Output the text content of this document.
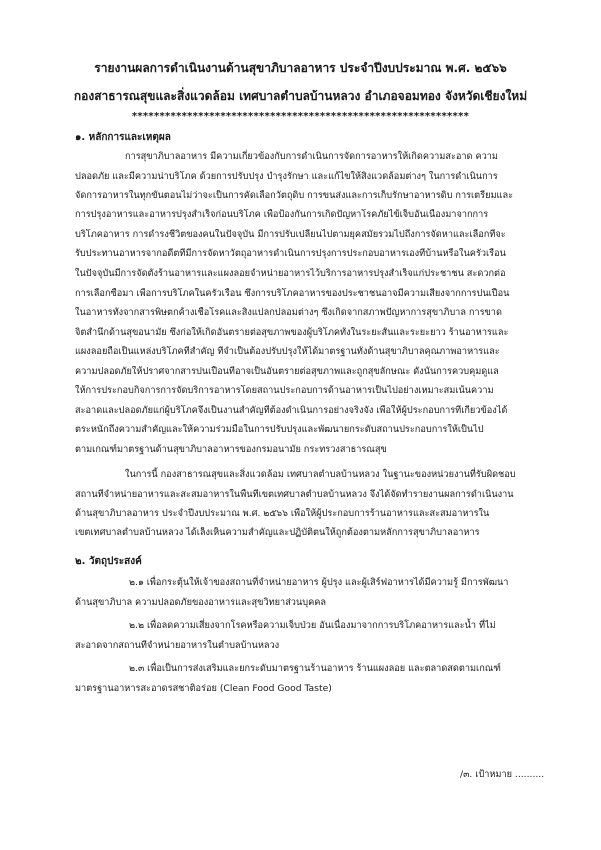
รายงานผลการดำเนินงานด้านสุขาภิบาลอาหาร ประจำปีงบประมาณ พ.ศ. ๒๕๖๖
กองสาธารณสุขและสิ่งแวดล้อม เทศบาลตำบลบ้านหลวง อำเภอจอมทอง จังหวัดเชียงใหม่
*************************************************************
๑. หลักการและเหตุผล
การสุขาภิบาลอาหาร มีความเกี่ยวข้องกับการดำเนินการจัดการอาหารให้เกิดความสะอาด ความ
ปลอดภัย และมีความน่าบริโภค ด้วยการปรับปรุง บำรุงรักษา และแก้ไขให้สิ่งแวดล้อมต่างๆ ในการดำเนินการ
จัดการอาหารในทุกขั้นตอนไม่ว่าจะเป็นการคัดเลือกวัตถุดิบ การขนส่งและการเก็บรักษาอาหารดิบ การเตรียมและ
การปรุงอาหารและอาหารปรุงสำเร็จก่อนบริโภค เพื่อป้องกันการเกิดปัญหาโรคภัยไข้เจ็บอันเนื่องมาจากการ
บริโภคอาหาร การดำรงชีวิตของคนในปัจจุบัน มีการปรับเปลี่ยนไปตามยุคสมัยรวมไปถึงการจัดหาและเลือกที่จะ
รับประทานอาหารจากอดีตที่มีการจัดหาวัตถุอาหารดำเนินการปรุงการประกอบอาหารเองที่บ้านหรือในครัวเรือน
ในปัจจุบันมีการจัดตั้งร้านอาหารและแผงลอยจำหน่ายอาหารไว้บริการอาหารปรุงสำเร็จแก่ประชาชน สะดวกต่อ
การเลือกซื้อมา เพื่อการบริโภคในครัวเรือน ซึ่งการบริโภคอาหารของประชาชนอาจมีความเสี่ยงจากการปนเปื้อน
ในอาหารทั้งจากสารพิษตกค้างเชื้อโรคและสิ่งแปลกปลอมต่างๆ ซึ่งเกิดจากสภาพปัญหาการสุขาภิบาล การขาด
จิตสำนึกด้านสุขอนามัย ซึ่งก่อให้เกิดอันตรายต่อสุขภาพของผู้บริโภคทั้งในระยะสั้นและระยะยาว ร้านอาหารและ
แผงลอยถือเป็นแหล่งบริโภคที่สำคัญ ที่จำเป็นต้องปรับปรุงให้ได้มาตรฐานทั้งด้านสุขาภิบาลคุณภาพอาหารและ
ความปลอดภัยให้ปราศจากสารปนเปื้อนที่อาจเป็นอันตรายต่อสุขภาพและถูกสุขลักษณะ ดังนั้นการควบคุมดูแล
ให้การประกอบกิจการการจัดบริการอาหารโดยสถานประกอบการด้านอาหารเป็นไปอย่างเหมาะสมเน้นความ
สะอาดและปลอดภัยแก่ผู้บริโภคจึงเป็นงานสำคัญที่ต้องดำเนินการอย่างจริงจัง เพื่อให้ผู้ประกอบการที่เกี่ยวข้องได้
ตระหนักถึงความสำคัญและให้ความร่วมมือในการปรับปรุงและพัฒนายกระดับสถานประกอบการให้เป็นไป
ตามเกณฑ์มาตรฐานด้านสุขาภิบาลอาหารของกรมอนามัย กระทรวงสาธารณสุข
ในการนี้ กองสาธารณสุขและสิ่งแวดล้อม เทศบาลตำบลบ้านหลวง ในฐานะของหน่วยงานที่รับผิดชอบ
สถานที่จำหน่ายอาหารและสะสมอาหารในพื้นที่เขตเทศบาลตำบลบ้านหลวง จึงได้จัดทำรายงานผลการดำเนินงาน
ด้านสุขาภิบาลอาหาร ประจำปีงบประมาณ พ.ศ. ๒๕๖๖ เพื่อให้ผู้ประกอบการร้านอาหารและสะสมอาหารใน
เขตเทศบาลตำบลบ้านหลวง ได้เล็งเห็นความสำคัญและปฏิบัติตนให้ถูกต้องตามหลักการสุขาภิบาลอาหาร
๒. วัตถุประสงค์
๒.๑ เพื่อกระตุ้นให้เจ้าของสถานที่จำหน่ายอาหาร ผู้ปรุง และผู้เสิร์ฟอาหารได้มีความรู้ มีการพัฒนา
ด้านสุขาภิบาล ความปลอดภัยของอาหารและสุขวิทยาส่วนบุคคล
๒.๒ เพื่อลดความเสี่ยงจากโรคหรือความเจ็บป่วย อันเนื่องมาจากการบริโภคอาหารและน้ำ ที่ไม่
สะอาดจากสถานที่จำหน่ายอาหารในตำบลบ้านหลวง
๒.๓ เพื่อเป็นการส่งเสริมและยกระดับมาตรฐานร้านอาหาร ร้านแผงลอย และตลาดสดตามเกณฑ์
มาตรฐานอาหารสะอาดรสชาติอร่อย (Clean Food Good Taste)
/๓. เป้าหมาย ..........
